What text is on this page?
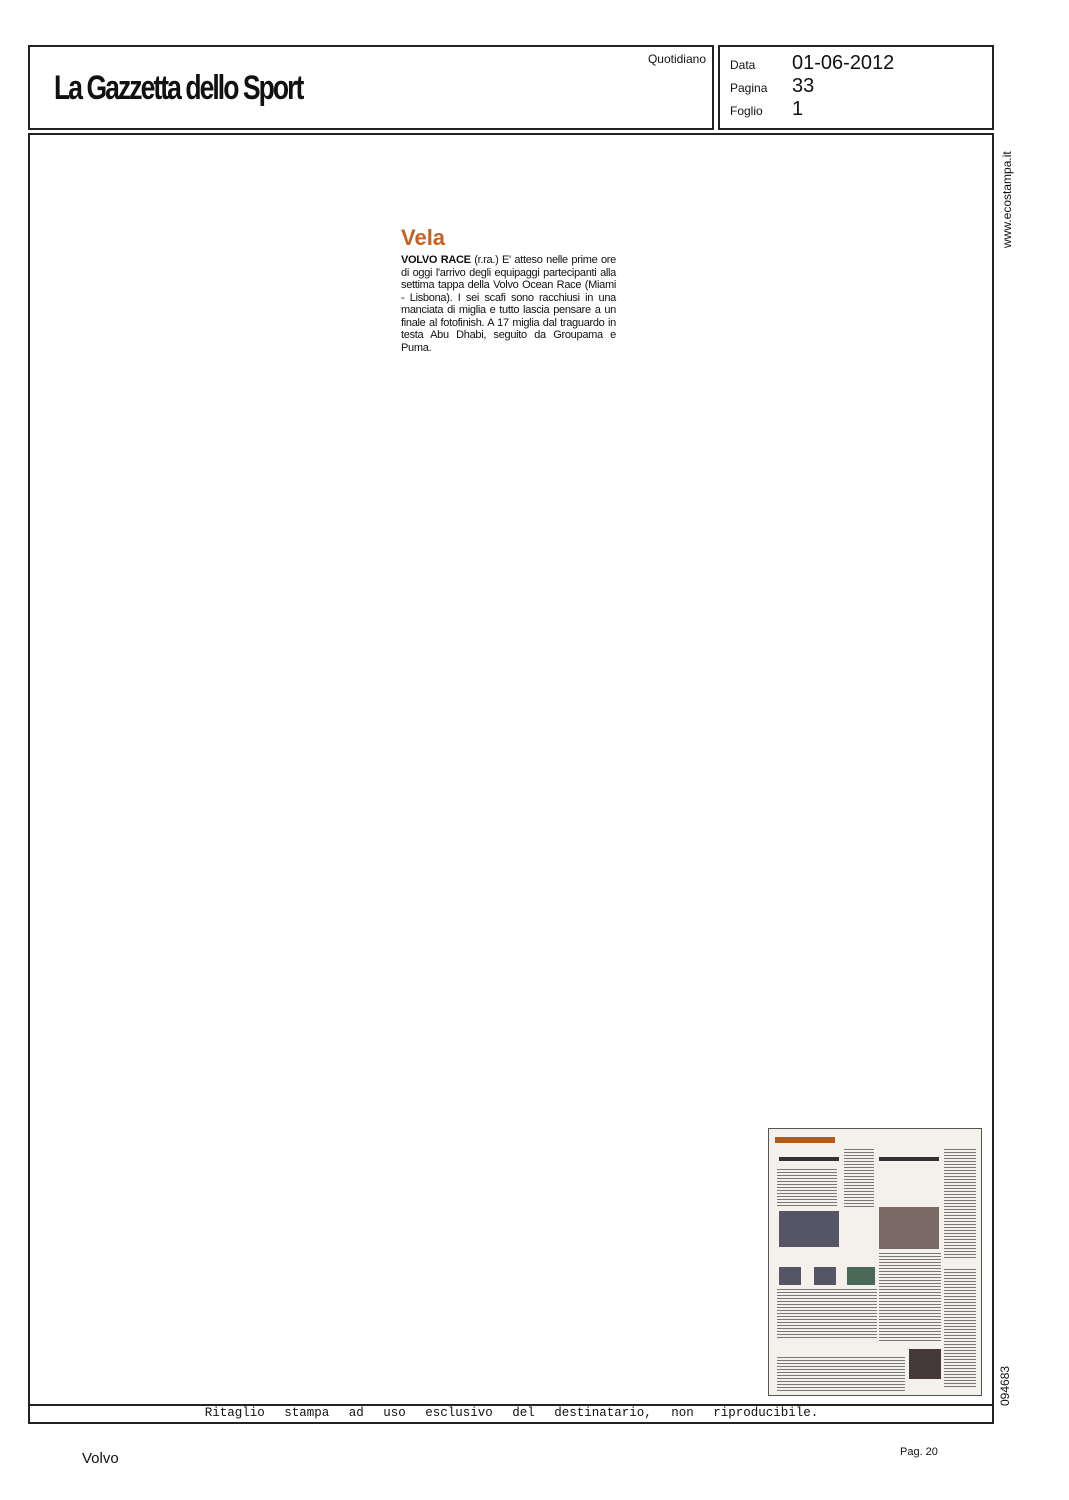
La Gazzetta dello Sport
Quotidiano Data	01-06-2012
Pagina	33
Foglio	1
www.ecostampa.it
094683
Vela
VOLVO RACE (r.ra.) E' atteso nelle prime ore di oggi l'arrivo degli equipaggi partecipanti alla settima tappa della Volvo Ocean Race (Miami - Lisbona). I sei scafi sono racchiusi in una manciata di miglia e tutto lascia pensare a un finale al fotofinish. A 17 miglia dal traguardo in testa Abu Dhabi, seguito da Groupama e Puma.
Ritaglio stampa ad uso esclusivo del destinatario, non riproducibile.
Volvo	Pag. 20
